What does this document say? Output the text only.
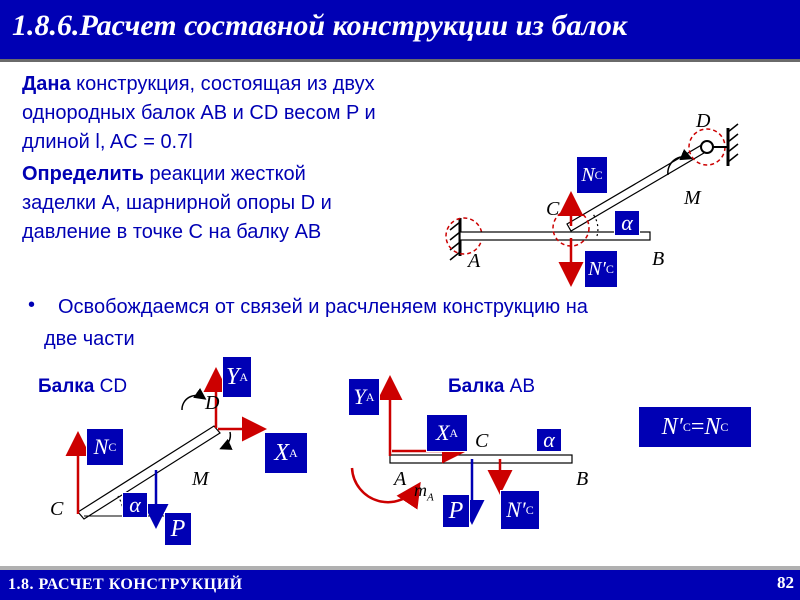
1.8.6.Расчет составной конструкции из балок
Дана конструкция, состоящая из двух
однородных балок AB и CD весом P и
длиной l, AC = 0.7l
Определить реакции жесткой
заделки A, шарнирной опоры D и
давление в точке C на балку AB
• Освобождаемся от связей и расчленяем конструкцию на
две части
Балка CD	Балка AB
D
M
C
A	B
N C
N′ C
α
Y A
D
X A
N C
M
C	α
P
Y A
X A C	α
A	B
$m_A$ P	N′ C
N′ C = N C
1.8. РАСЧЕТ КОНСТРУКЦИЙ	82
